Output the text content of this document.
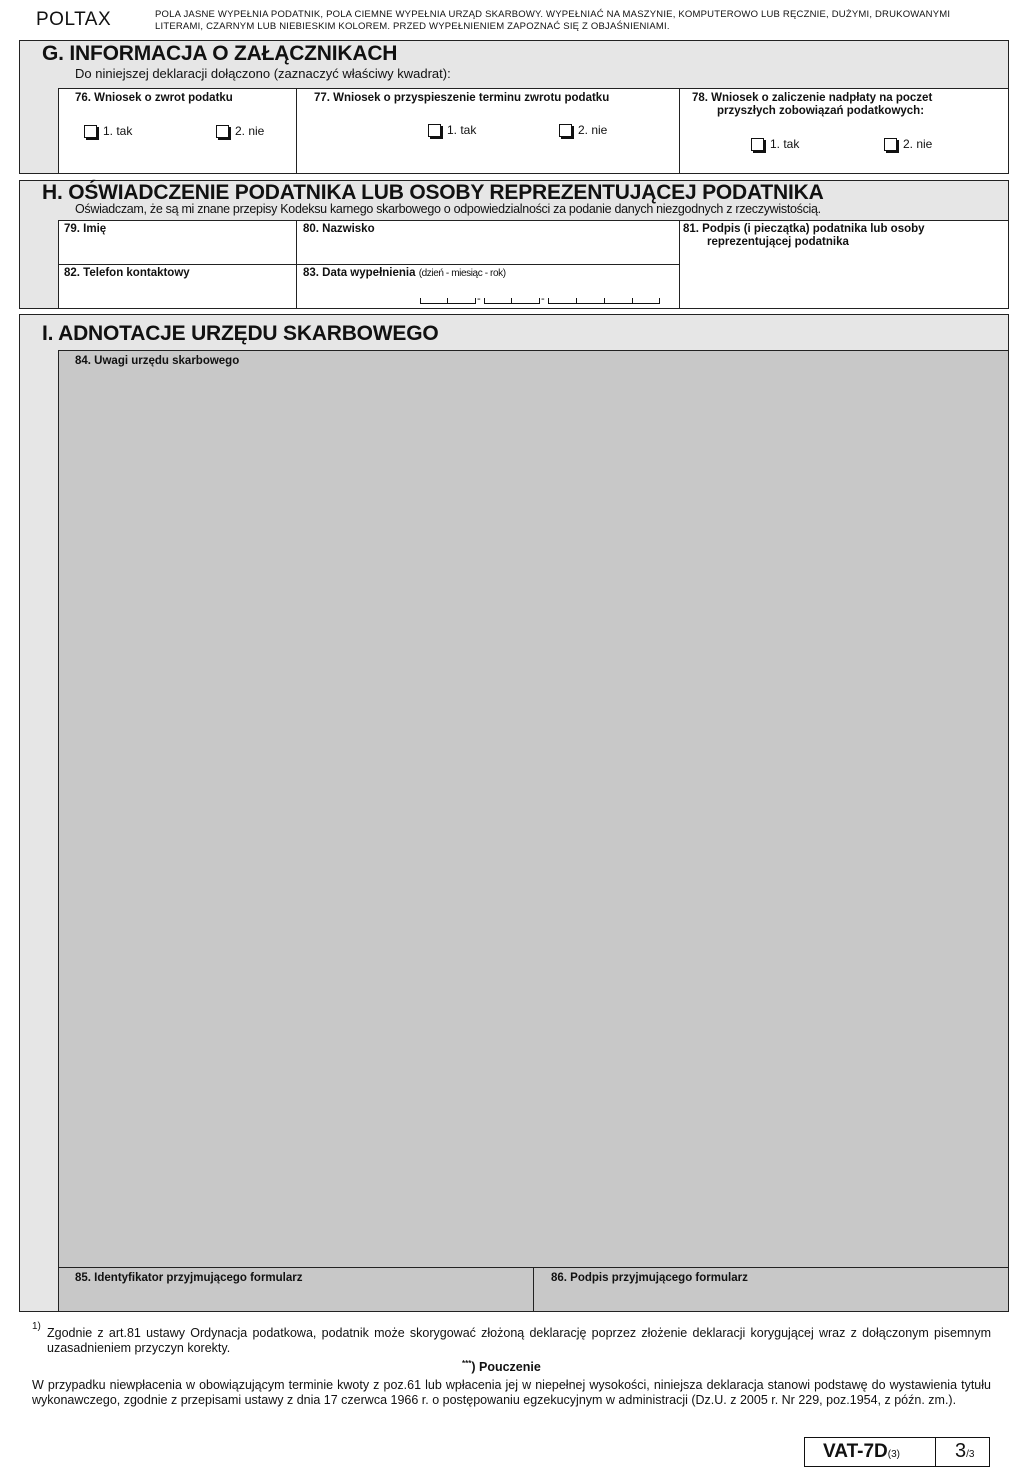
POLTAX	POLA JASNE WYPEŁNIA PODATNIK, POLA CIEMNE WYPEŁNIA URZĄD SKARBOWY. WYPEŁNIAĆ NA MASZYNIE, KOMPUTEROWO LUB RĘCZNIE, DUŻYMI, DRUKOWANYMI LITERAMI, CZARNYM LUB NIEBIESKIM KOLOREM. PRZED WYPEŁNIENIEM ZAPOZNAĆ SIĘ Z OBJAŚNIENIAMI.
G. INFORMACJA O ZAŁĄCZNIKACH
Do niniejszej deklaracji dołączono (zaznaczyć właściwy kwadrat):
76. Wniosek o zwrot podatku
1. tak	2. nie
77. Wniosek o przyspieszenie terminu zwrotu podatku
1. tak	2. nie
78. Wniosek o zaliczenie nadpłaty na poczet
przyszłych zobowiązań podatkowych:
1. tak	2. nie
H. OŚWIADCZENIE PODATNIKA LUB OSOBY REPREZENTUJĄCEJ PODATNIKA
Oświadczam, że są mi znane przepisy Kodeksu karnego skarbowego o odpowiedzialności za podanie danych niezgodnych z rzeczywistością.
79. Imię	80. Nazwisko	81. Podpis (i pieczątka) podatnika lub osoby
reprezentującej podatnika
82. Telefon kontaktowy	83. Data wypełnienia (dzień - miesiąc - rok)
-	-
I. ADNOTACJE URZĘDU SKARBOWEGO
84. Uwagi urzędu skarbowego
85. Identyfikator przyjmującego formularz	86. Podpis przyjmującego formularz
1) Zgodnie z art.81 ustawy Ordynacja podatkowa, podatnik może skorygować złożoną deklarację poprzez złożenie deklaracji korygującej wraz z dołączonym pisemnym uzasadnieniem przyczyn korekty.
***) Pouczenie
W przypadku niewpłacenia w obowiązującym terminie kwoty z poz.61 lub wpłacenia jej w niepełnej wysokości, niniejsza deklaracja stanowi podstawę do wystawienia tytułu wykonawczego, zgodnie z przepisami ustawy z dnia 17 czerwca 1966 r. o postępowaniu egzekucyjnym w administracji (Dz.U. z 2005 r. Nr 229, poz.1954, z późn. zm.).
VAT-7D(3)	3/3
